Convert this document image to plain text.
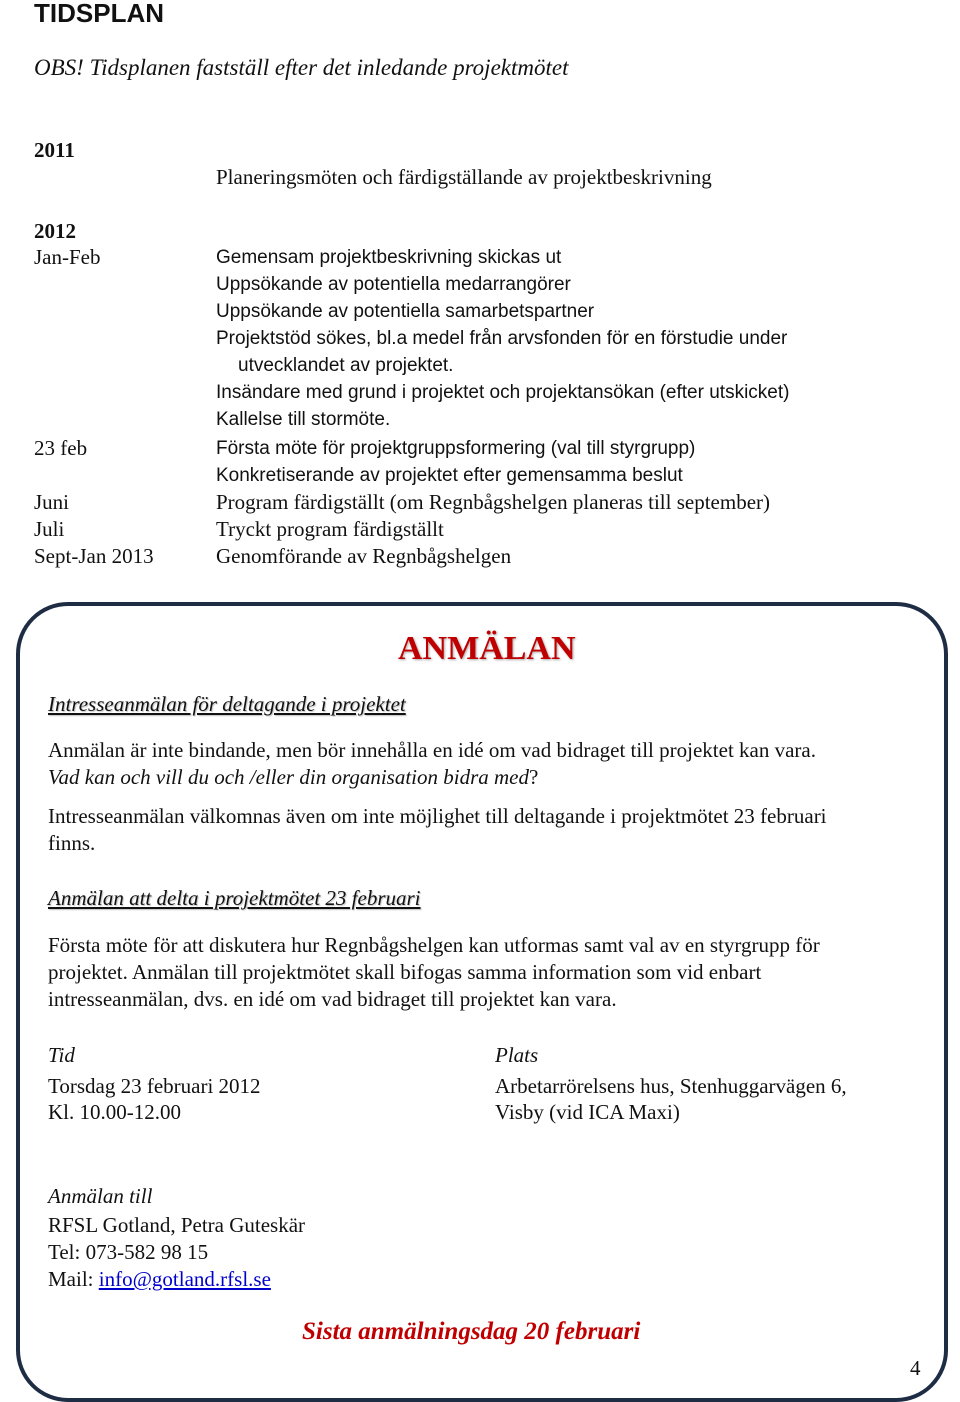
TIDSPLAN
OBS! Tidsplanen fastställ efter det inledande projektmötet
2011
Planeringsmöten och färdigställande av projektbeskrivning
2012
Jan-Feb	Gemensam projektbeskrivning skickas ut
Uppsökande av potentiella medarrangörer
Uppsökande av potentiella samarbetspartner
Projektstöd sökes, bl.a medel från arvsfonden för en förstudie under
utvecklandet av projektet.
Insändare med grund i projektet och projektansökan (efter utskicket)
Kallelse till stormöte.
23 feb	Första möte för projektgruppsformering (val till styrgrupp)
Konkretiserande av projektet efter gemensamma beslut
Juni	Program färdigställt (om Regnbågshelgen planeras till september)
Juli	Tryckt program färdigställt
Sept-Jan 2013	Genomförande av Regnbågshelgen
ANMÄLAN
Intresseanmälan för deltagande i projektet
Anmälan är inte bindande, men bör innehålla en idé om vad bidraget till projektet kan vara.
Vad kan och vill du och /eller din organisation bidra med?
Intresseanmälan välkomnas även om inte möjlighet till deltagande i projektmötet 23 februari
finns.
Anmälan att delta i projektmötet 23 februari
Första möte för att diskutera hur Regnbågshelgen kan utformas samt val av en styrgrupp för
projektet. Anmälan till projektmötet skall bifogas samma information som vid enbart
intresseanmälan, dvs. en idé om vad bidraget till projektet kan vara.
Tid
Torsdag 23 februari 2012
Kl. 10.00-12.00
Plats
Arbetarrörelsens hus, Stenhuggarvägen 6,
Visby (vid ICA Maxi)
Anmälan till
RFSL Gotland, Petra Guteskär
Tel: 073-582 98 15
Mail: info@gotland.rfsl.se
Sista anmälningsdag 20 februari
4
